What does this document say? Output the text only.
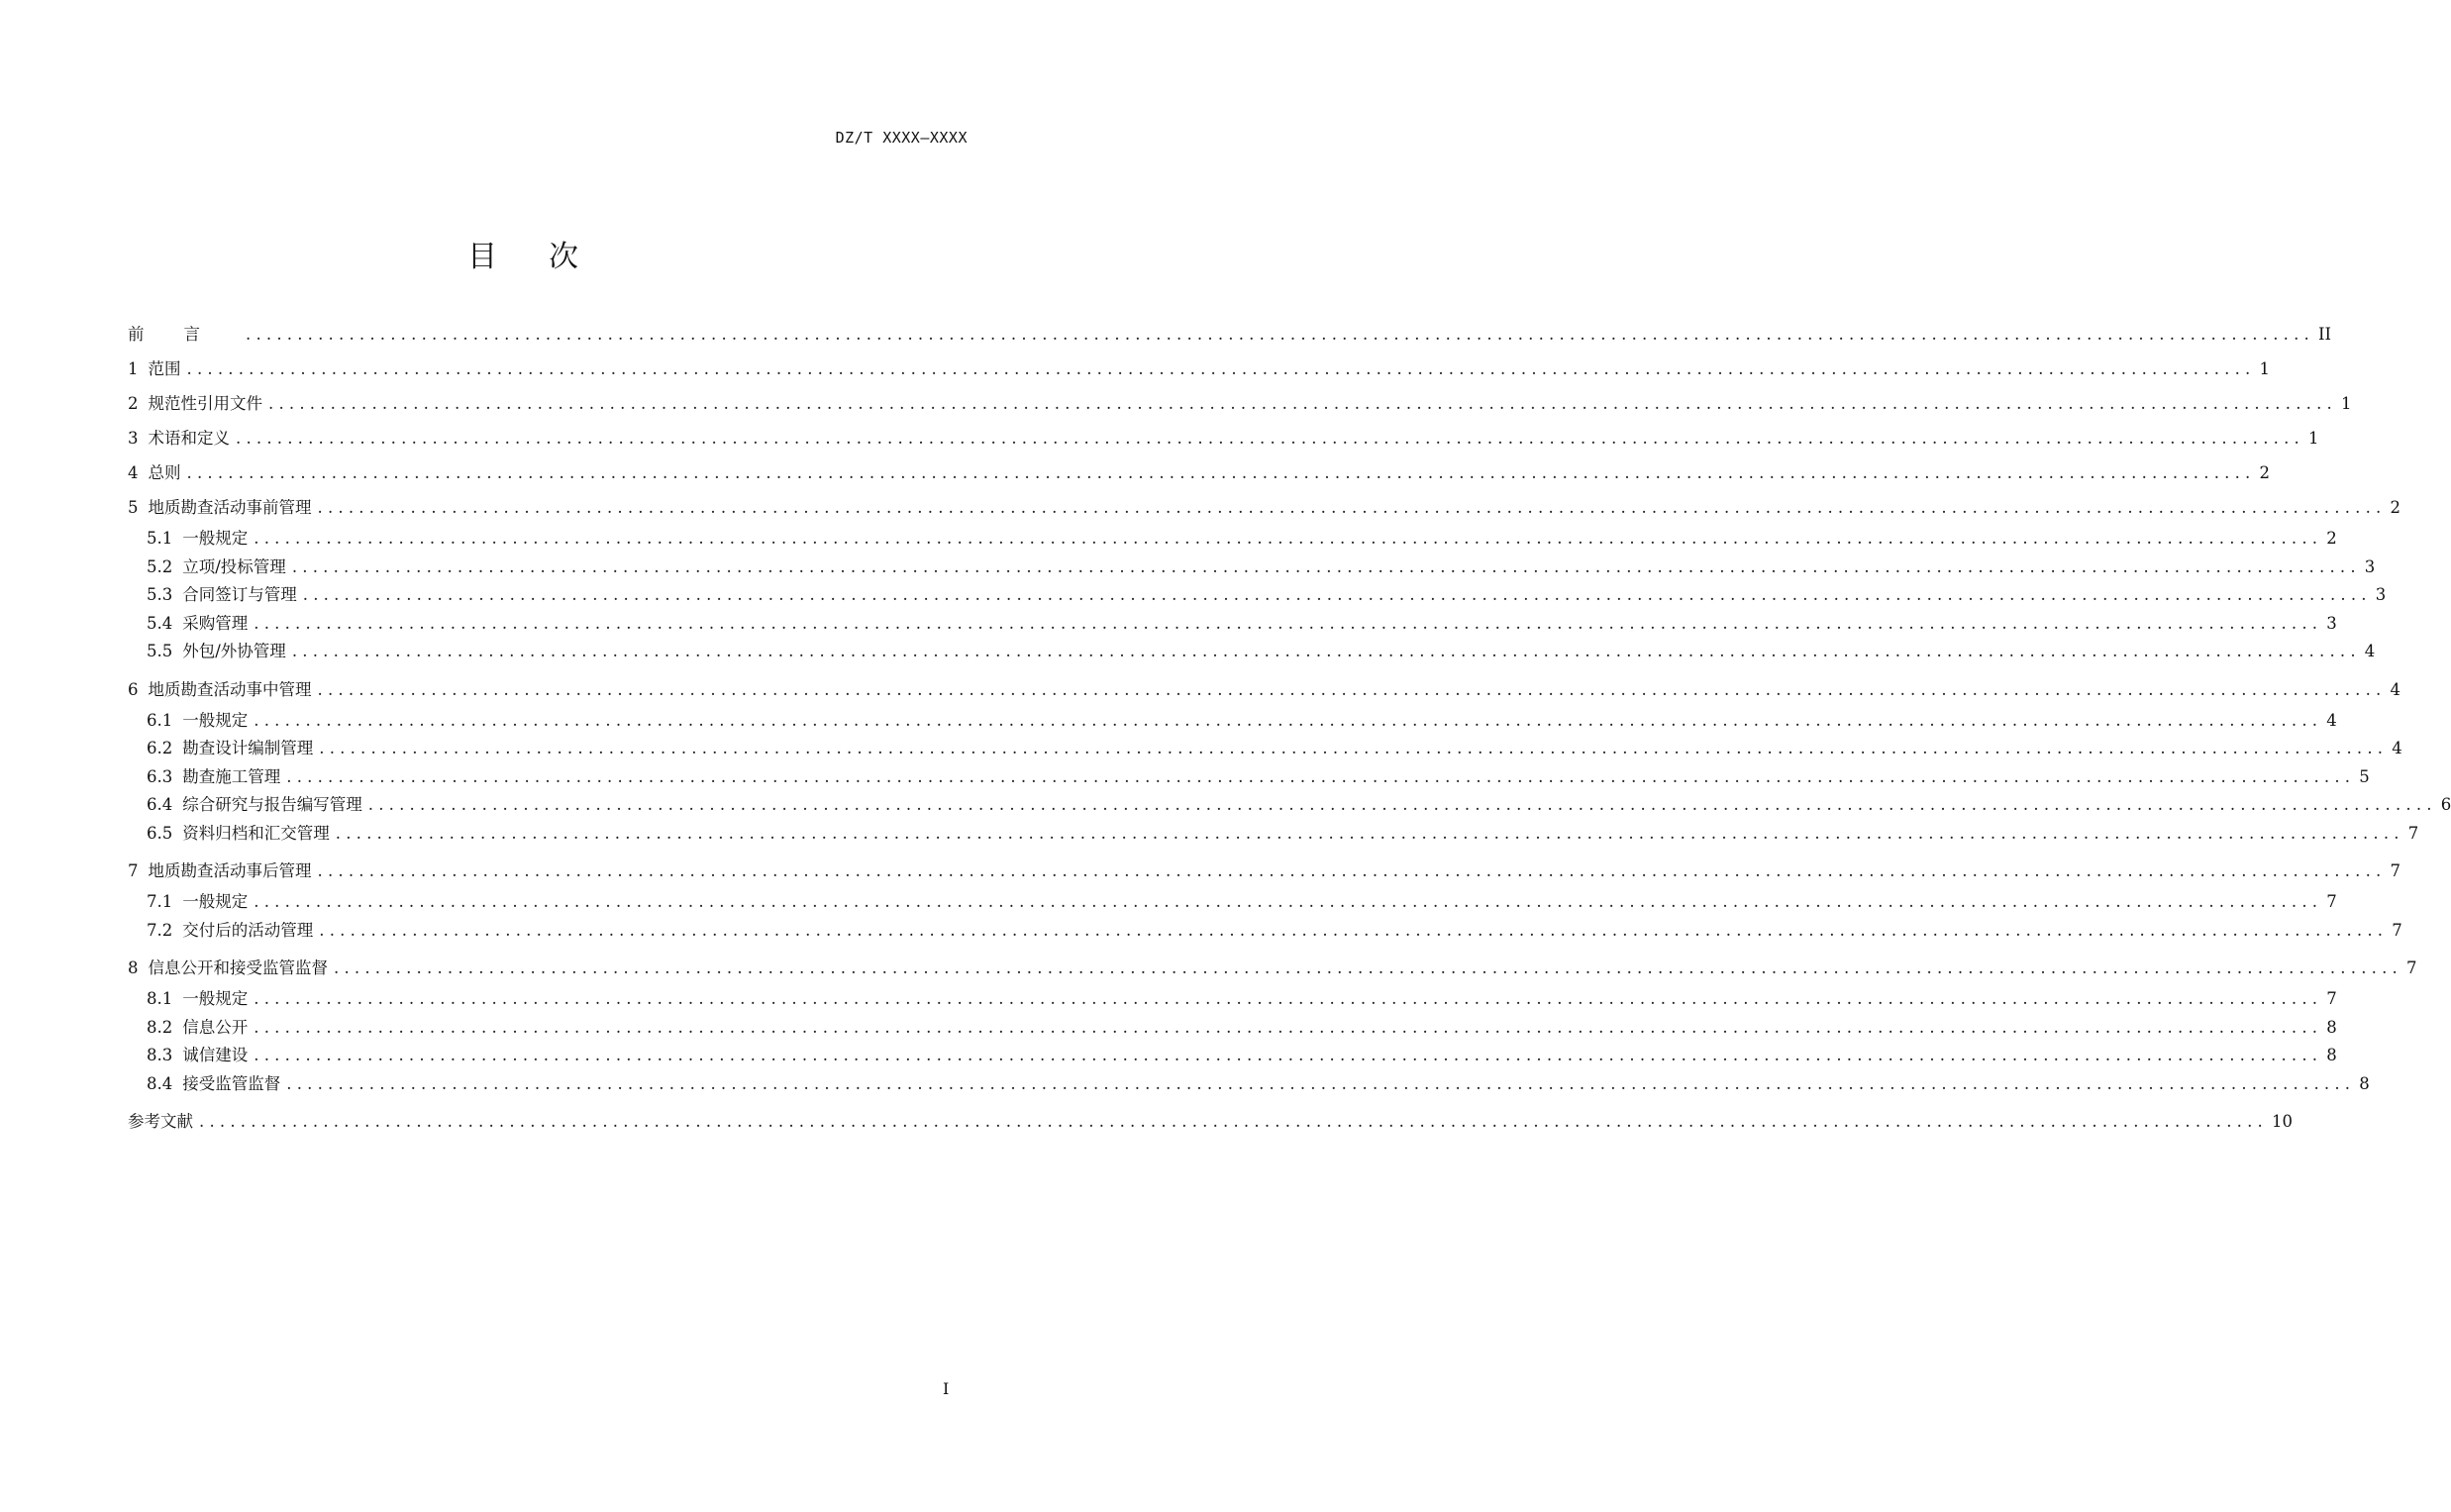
DZ/T XXXX—XXXX
目次
前言 ........................................................................................................................................................................................................ II
1 范围 ........................................................................................................................................................................................................ 1
2 规范性引用文件 ........................................................................................................................................................................................................ 1
3 术语和定义 ........................................................................................................................................................................................................ 1
4 总则 ........................................................................................................................................................................................................ 2
5 地质勘查活动事前管理 ........................................................................................................................................................................................................ 2
5.1 一般规定 ........................................................................................................................................................................................................ 2
5.2 立项/投标管理 ........................................................................................................................................................................................................ 3
5.3 合同签订与管理 ........................................................................................................................................................................................................ 3
5.4 采购管理 ........................................................................................................................................................................................................ 3
5.5 外包/外协管理 ........................................................................................................................................................................................................ 4
6 地质勘查活动事中管理 ........................................................................................................................................................................................................ 4
6.1 一般规定 ........................................................................................................................................................................................................ 4
6.2 勘查设计编制管理 ........................................................................................................................................................................................................ 4
6.3 勘查施工管理 ........................................................................................................................................................................................................ 5
6.4 综合研究与报告编写管理 ........................................................................................................................................................................................................ 6
6.5 资料归档和汇交管理 ........................................................................................................................................................................................................ 7
7 地质勘查活动事后管理 ........................................................................................................................................................................................................ 7
7.1 一般规定 ........................................................................................................................................................................................................ 7
7.2 交付后的活动管理 ........................................................................................................................................................................................................ 7
8 信息公开和接受监管监督 ........................................................................................................................................................................................................ 7
8.1 一般规定 ........................................................................................................................................................................................................ 7
8.2 信息公开 ........................................................................................................................................................................................................ 8
8.3 诚信建设 ........................................................................................................................................................................................................ 8
8.4 接受监管监督 ........................................................................................................................................................................................................ 8
参考文献 ........................................................................................................................................................................................................ 10
I
